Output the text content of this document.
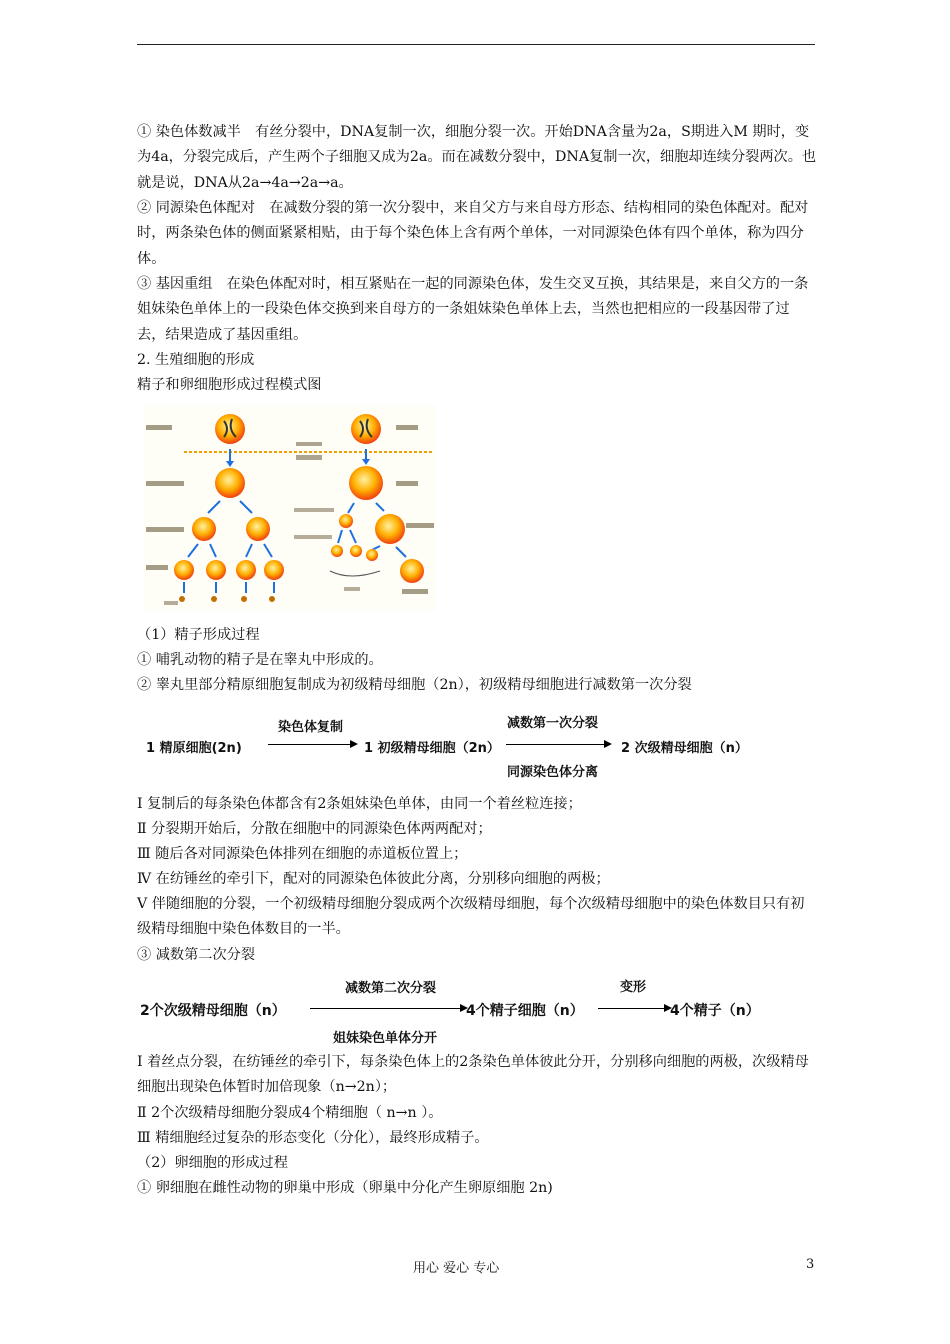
① 染色体数减半　有丝分裂中，DNA复制一次，细胞分裂一次。开始DNA含量为2a，S期进入M 期时，变为4a，分裂完成后，产生两个子细胞又成为2a。而在减数分裂中，DNA复制一次，细胞却连续分裂两次。也就是说，DNA从2a→4a→2a→a。

② 同源染色体配对　在减数分裂的第一次分裂中，来自父方与来自母方形态、结构相同的染色体配对。配对时，两条染色体的侧面紧紧相贴，由于每个染色体上含有两个单体，一对同源染色体有四个单体，称为四分体。

③ 基因重组　在染色体配对时，相互紧贴在一起的同源染色体，发生交叉互换，其结果是，来自父方的一条姐妹染色单体上的一段染色体交换到来自母方的一条姐妹染色单体上去，当然也把相应的一段基因带了过去，结果造成了基因重组。

2. 生殖细胞的形成

精子和卵细胞形成过程模式图

（1）精子形成过程

① 哺乳动物的精子是在睾丸中形成的。

② 睾丸里部分精原细胞复制成为初级精母细胞（2n），初级精母细胞进行减数第一次分裂

1 精原细胞(2n)
染色体复制
1 初级精母细胞（2n）
减数第一次分裂
同源染色体分离
2 次级精母细胞（n）

Ⅰ 复制后的每条染色体都含有2条姐妹染色单体，由同一个着丝粒连接；

Ⅱ 分裂期开始后，分散在细胞中的同源染色体两两配对；

Ⅲ 随后各对同源染色体排列在细胞的赤道板位置上；

Ⅳ 在纺锤丝的牵引下，配对的同源染色体彼此分离，分别移向细胞的两极；

Ⅴ 伴随细胞的分裂，一个初级精母细胞分裂成两个次级精母细胞，每个次级精母细胞中的染色体数目只有初级精母细胞中染色体数目的一半。

③ 减数第二次分裂

2个次级精母细胞（n）
减数第二次分裂
姐妹染色单体分开
4个精子细胞（n）
变形
4个精子（n）

Ⅰ 着丝点分裂，在纺锤丝的牵引下，每条染色体上的2条染色单体彼此分开，分别移向细胞的两极，次级精母细胞出现染色体暂时加倍现象（n→2n）；

Ⅱ 2个次级精母细胞分裂成4个精细胞（ n→n ）。

Ⅲ 精细胞经过复杂的形态变化（分化），最终形成精子。

（2）卵细胞的形成过程

① 卵细胞在雌性动物的卵巢中形成（卵巢中分化产生卵原细胞 2n)

用心 爱心 专心	3
